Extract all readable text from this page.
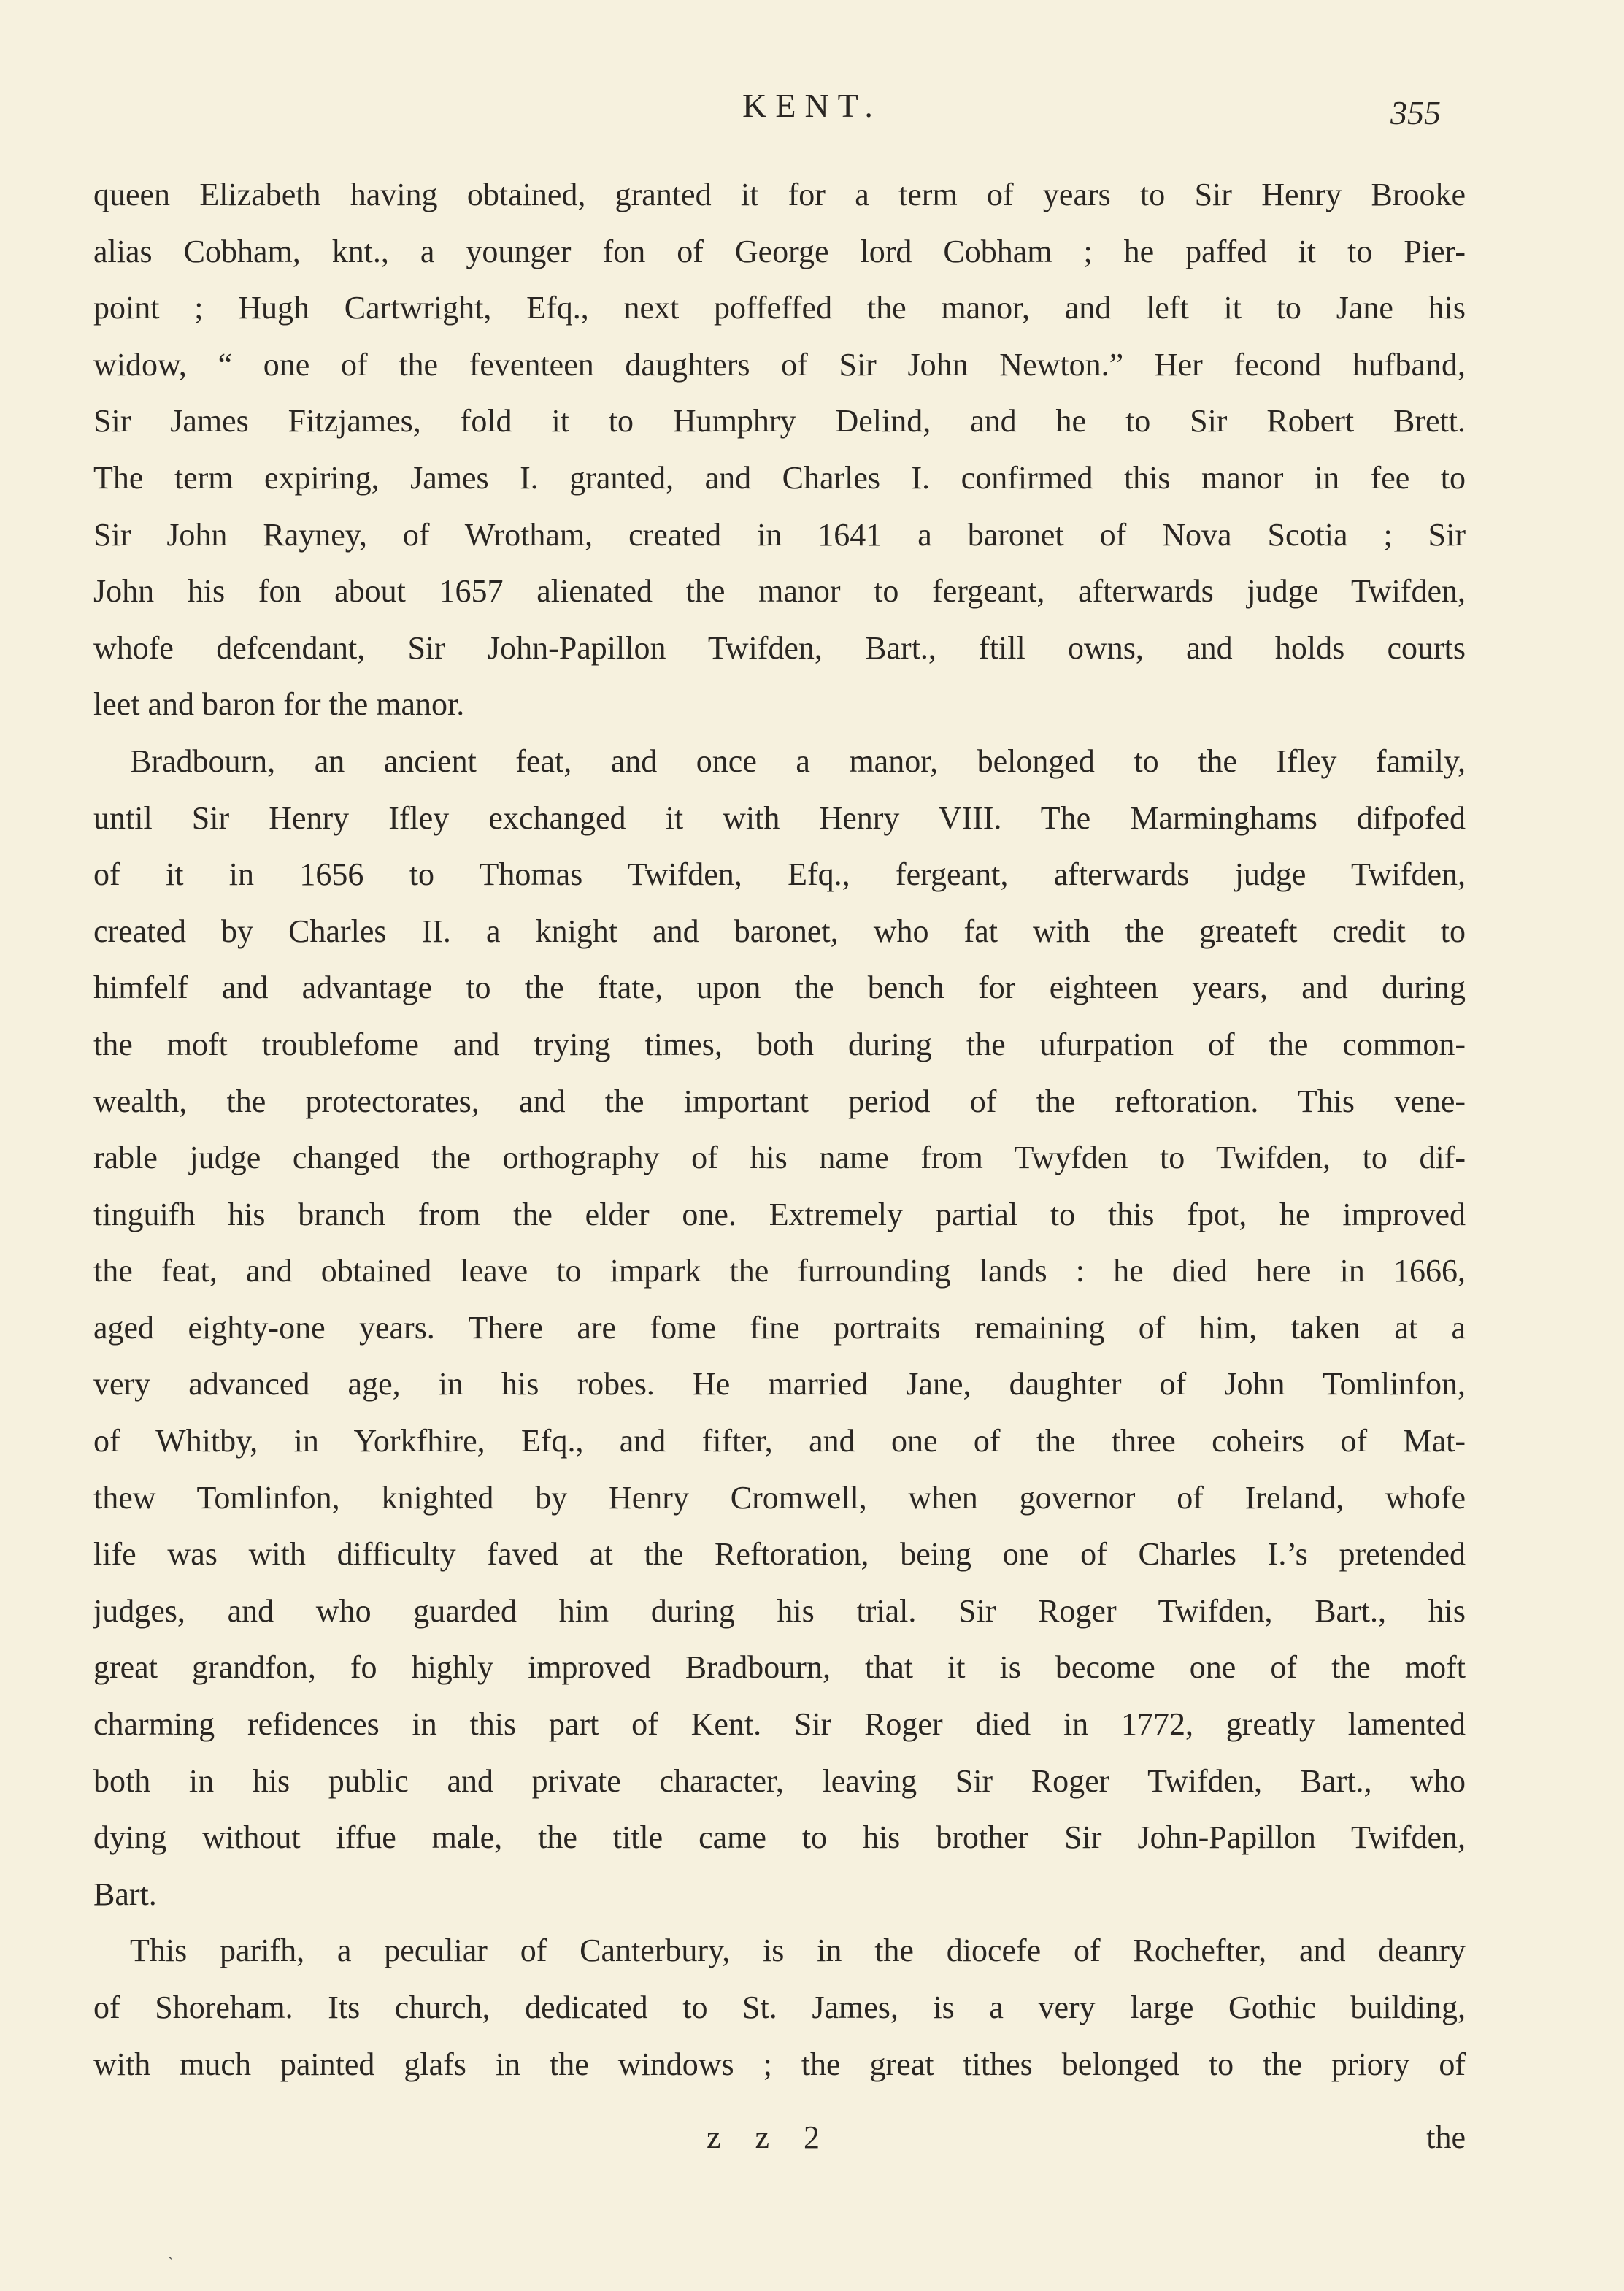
KENT.	355
queen Elizabeth having obtained, granted it for a term of years to Sir Henry Brooke
alias Cobham, knt., a younger fon of George lord Cobham ; he paffed it to Pier-
point ; Hugh Cartwright, Efq., next poffeffed the manor, and left it to Jane his
widow, “ one of the feventeen daughters of Sir John Newton.” Her fecond hufband,
Sir James Fitzjames, fold it to Humphry Delind, and he to Sir Robert Brett.
The term expiring, James I. granted, and Charles I. confirmed this manor in fee to
Sir John Rayney, of Wrotham, created in 1641 a baronet of Nova Scotia ; Sir
John his fon about 1657 alienated the manor to fergeant, afterwards judge Twifden,
whofe defcendant, Sir John-Papillon Twifden, Bart., ftill owns, and holds courts
leet and baron for the manor.
Bradbourn, an ancient feat, and once a manor, belonged to the Ifley family,
until Sir Henry Ifley exchanged it with Henry VIII. The Marminghams difpofed
of it in 1656 to Thomas Twifden, Efq., fergeant, afterwards judge Twifden,
created by Charles II. a knight and baronet, who fat with the greateft credit to
himfelf and advantage to the ftate, upon the bench for eighteen years, and during
the moft troublefome and trying times, both during the ufurpation of the common-
wealth, the protectorates, and the important period of the reftoration. This vene-
rable judge changed the orthography of his name from Twyfden to Twifden, to dif-
tinguifh his branch from the elder one. Extremely partial to this fpot, he improved
the feat, and obtained leave to impark the furrounding lands : he died here in 1666,
aged eighty-one years. There are fome fine portraits remaining of him, taken at a
very advanced age, in his robes. He married Jane, daughter of John Tomlinfon,
of Whitby, in Yorkfhire, Efq., and fifter, and one of the three coheirs of Mat-
thew Tomlinfon, knighted by Henry Cromwell, when governor of Ireland, whofe
life was with difficulty faved at the Reftoration, being one of Charles I.’s pretended
judges, and who guarded him during his trial. Sir Roger Twifden, Bart., his
great grandfon, fo highly improved Bradbourn, that it is become one of the moft
charming refidences in this part of Kent. Sir Roger died in 1772, greatly lamented
both in his public and private character, leaving Sir Roger Twifden, Bart., who
dying without iffue male, the title came to his brother Sir John-Papillon Twifden,
Bart.
This parifh, a peculiar of Canterbury, is in the diocefe of Rochefter, and deanry
of Shoreham. Its church, dedicated to St. James, is a very large Gothic building,
with much painted glafs in the windows ; the great tithes belonged to the priory of
z z 2	the
ˎ
